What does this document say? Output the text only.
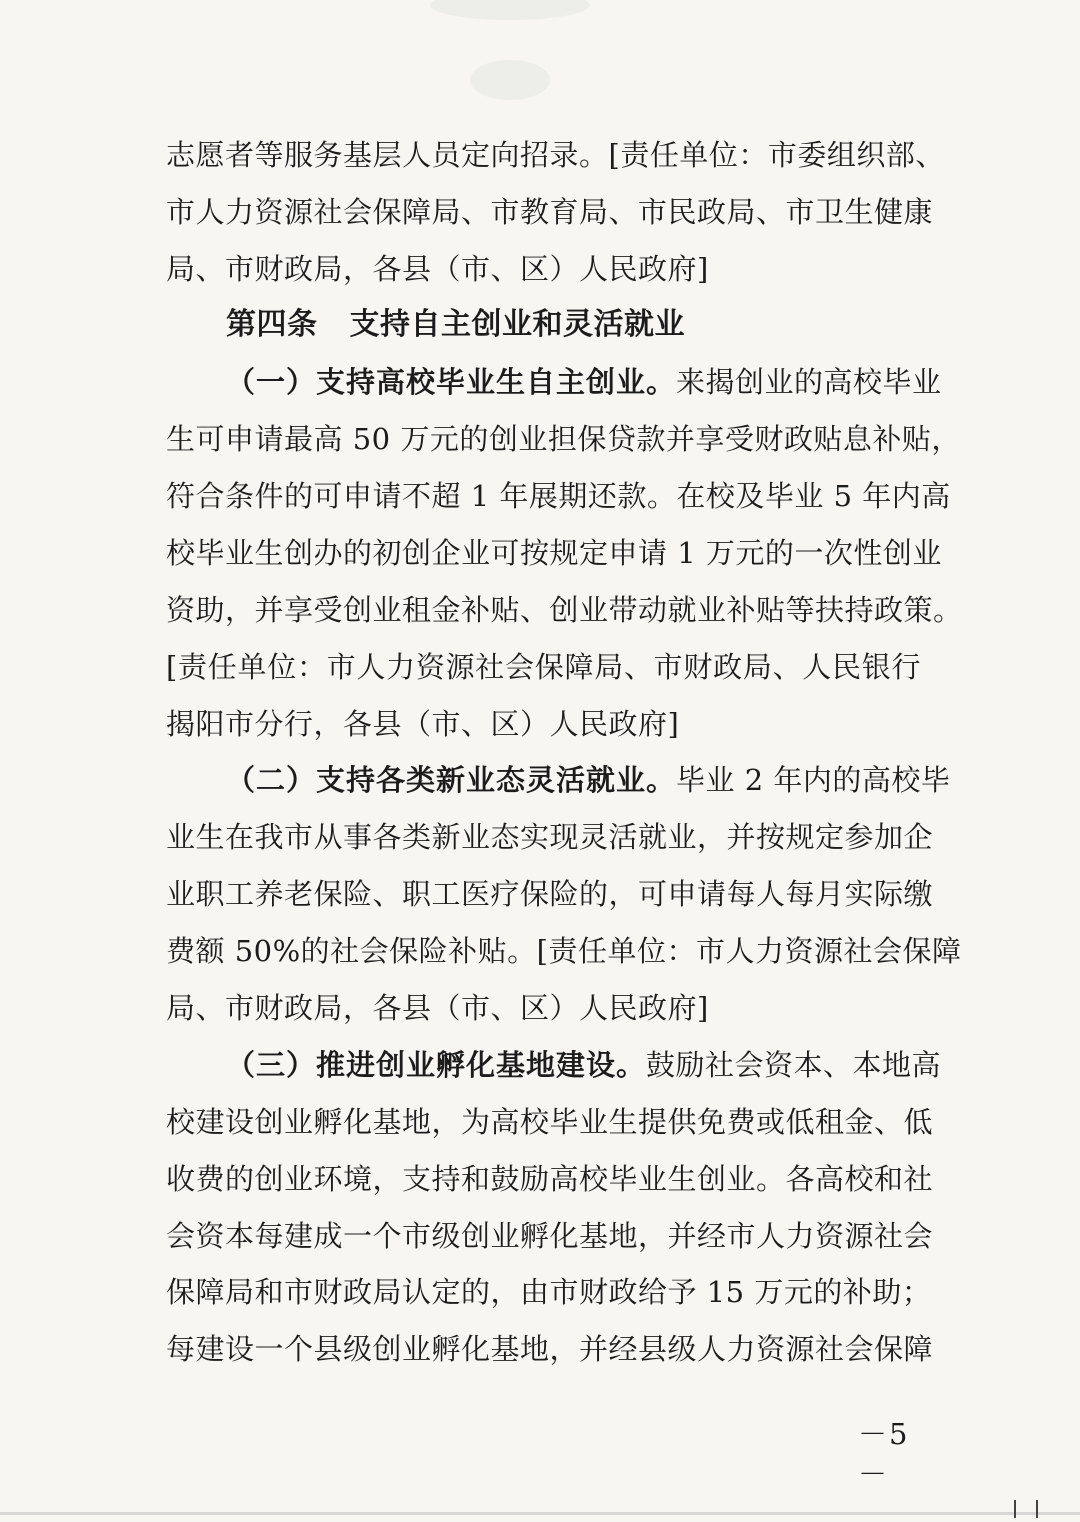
志愿者等服务基层人员定向招录。[责任单位：市委组织部、
市人力资源社会保障局、市教育局、市民政局、市卫生健康
局、市财政局，各县（市、区）人民政府]
第四条 支持自主创业和灵活就业
（一）支持高校毕业生自主创业。来揭创业的高校毕业
生可申请最高 50 万元的创业担保贷款并享受财政贴息补贴，
符合条件的可申请不超 1 年展期还款。在校及毕业 5 年内高
校毕业生创办的初创企业可按规定申请 1 万元的一次性创业
资助，并享受创业租金补贴、创业带动就业补贴等扶持政策。
[责任单位：市人力资源社会保障局、市财政局、人民银行
揭阳市分行，各县（市、区）人民政府]
（二）支持各类新业态灵活就业。毕业 2 年内的高校毕
业生在我市从事各类新业态实现灵活就业，并按规定参加企
业职工养老保险、职工医疗保险的，可申请每人每月实际缴
费额 50%的社会保险补贴。[责任单位：市人力资源社会保障
局、市财政局，各县（市、区）人民政府]
（三）推进创业孵化基地建设。鼓励社会资本、本地高
校建设创业孵化基地，为高校毕业生提供免费或低租金、低
收费的创业环境，支持和鼓励高校毕业生创业。各高校和社
会资本每建成一个市级创业孵化基地，并经市人力资源社会
保障局和市财政局认定的，由市财政给予 15 万元的补助；
每建设一个县级创业孵化基地，并经县级人力资源社会保障
－5－
